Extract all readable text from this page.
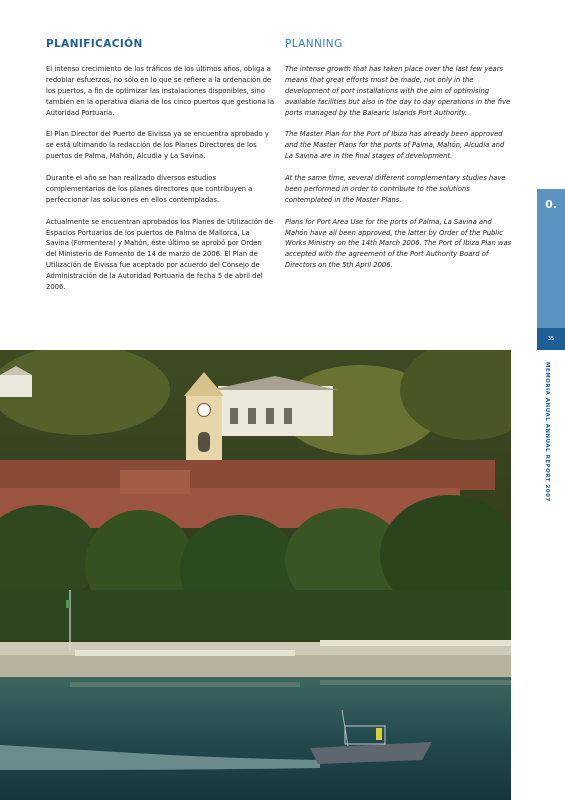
PLANIFICACIÓN

El intenso crecimiento de los tráficos de los últimos años, obliga a redoblar esfuerzos, no sólo en lo que se refiere a la ordenación de los puertos, a fin de optimizar las instalaciones disponibles, sino también en la operativa diaria de los cinco puertos que gestiona la Autoridad Portuaria.

El Plan Director del Puerto de Eivissa ya se encuentra aprobado y se está ultimando la redacción de los Planes Directores de los puertos de Palma, Mahón, Alcudia y La Savina.

Durante el año se han realizado diversos estudios complementarios de los planes directores que contribuyen a perfeccionar las soluciones en ellos contempladas.

Actualmente se encuentran aprobados los Planes de Utilización de Espacios Portuarios de los puertos de Palma de Mallorca, La Savina (Formentera) y Mahón, éste último se aprobó por Orden del Ministerio de Fomento de 14 de marzo de 2006. El Plan de Utilización de Eivissa fue aceptado por acuerdo del Consejo de Administración de la Autoridad Portuaria de fecha 5 de abril del 2006.

PLANNING

The intense growth that has taken place over the last few years means that great efforts must be made, not only in the development of port installations with the aim of optimising available facilities but also in the day to day operations in the five ports managed by the Balearic Islands Port Authority.

The Master Plan for the Port of Ibiza has already been approved and the Master Plans for the ports of Palma, Mahón, Alcudia and La Savina are in the final stages of development.

At the same time, several different complementary studies have been performed in order to contribute to the solutions contemplated in the Master Plans.

Plans for Port Area Use for the ports of Palma, La Savina and Mahón have all been approved, the latter by Order of the Public Works Ministry on the 14th March 2006. The Port of Ibiza Plan was accepted with the agreement of the Port Authority Board of Directors on the 5th April 2006.

0.
35
MEMORIA ANUAL ANNUAL REPORT 2007
